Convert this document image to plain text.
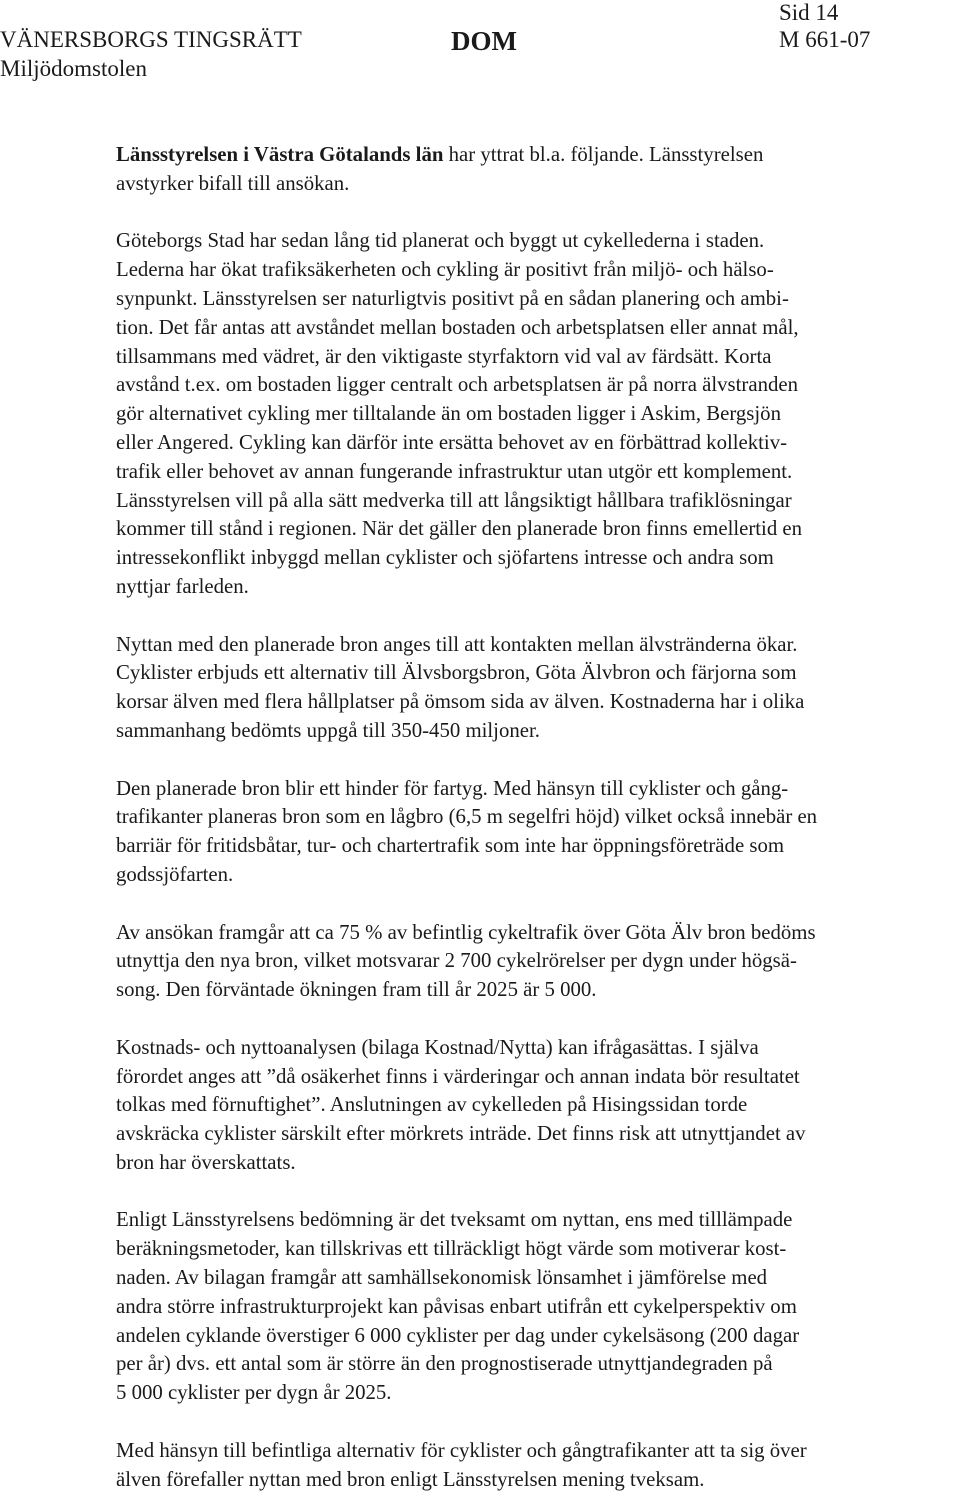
VÄNERSBORGS TINGSRÄTT
Miljödomstolen
DOM
Sid 14
M 661-07

Länsstyrelsen i Västra Götalands län har yttrat bl.a. följande. Länsstyrelsen
avstyrker bifall till ansökan.

Göteborgs Stad har sedan lång tid planerat och byggt ut cykellederna i staden.
Lederna har ökat trafiksäkerheten och cykling är positivt från miljö- och hälso-
synpunkt. Länsstyrelsen ser naturligtvis positivt på en sådan planering och ambi-
tion. Det får antas att avståndet mellan bostaden och arbetsplatsen eller annat mål,
tillsammans med vädret, är den viktigaste styrfaktorn vid val av färdsätt. Korta
avstånd t.ex. om bostaden ligger centralt och arbetsplatsen är på norra älvstranden
gör alternativet cykling mer tilltalande än om bostaden ligger i Askim, Bergsjön
eller Angered. Cykling kan därför inte ersätta behovet av en förbättrad kollektiv-
trafik eller behovet av annan fungerande infrastruktur utan utgör ett komplement.
Länsstyrelsen vill på alla sätt medverka till att långsiktigt hållbara trafiklösningar
kommer till stånd i regionen. När det gäller den planerade bron finns emellertid en
intressekonflikt inbyggd mellan cyklister och sjöfartens intresse och andra som
nyttjar farleden.

Nyttan med den planerade bron anges till att kontakten mellan älvstränderna ökar.
Cyklister erbjuds ett alternativ till Älvsborgsbron, Göta Älvbron och färjorna som
korsar älven med flera hållplatser på ömsom sida av älven. Kostnaderna har i olika
sammanhang bedömts uppgå till 350-450 miljoner.

Den planerade bron blir ett hinder för fartyg. Med hänsyn till cyklister och gång-
trafikanter planeras bron som en lågbro (6,5 m segelfri höjd) vilket också innebär en
barriär för fritidsbåtar, tur- och chartertrafik som inte har öppningsföreträde som
godssjöfarten.

Av ansökan framgår att ca 75 % av befintlig cykeltrafik över Göta Älv bron bedöms
utnyttja den nya bron, vilket motsvarar 2 700 cykelrörelser per dygn under högsä-
song. Den förväntade ökningen fram till år 2025 är 5 000.

Kostnads- och nyttoanalysen (bilaga Kostnad/Nytta) kan ifrågasättas. I själva
förordet anges att ”då osäkerhet finns i värderingar och annan indata bör resultatet
tolkas med förnuftighet”. Anslutningen av cykelleden på Hisingssidan torde
avskräcka cyklister särskilt efter mörkrets inträde. Det finns risk att utnyttjandet av
bron har överskattats.

Enligt Länsstyrelsens bedömning är det tveksamt om nyttan, ens med tilllämpade
beräkningsmetoder, kan tillskrivas ett tillräckligt högt värde som motiverar kost-
naden. Av bilagan framgår att samhällsekonomisk lönsamhet i jämförelse med
andra större infrastrukturprojekt kan påvisas enbart utifrån ett cykelperspektiv om
andelen cyklande överstiger 6 000 cyklister per dag under cykelsäsong (200 dagar
per år) dvs. ett antal som är större än den prognostiserade utnyttjandegraden på
5 000 cyklister per dygn år 2025.

Med hänsyn till befintliga alternativ för cyklister och gångtrafikanter att ta sig över
älven förefaller nyttan med bron enligt Länsstyrelsen mening tveksam.
